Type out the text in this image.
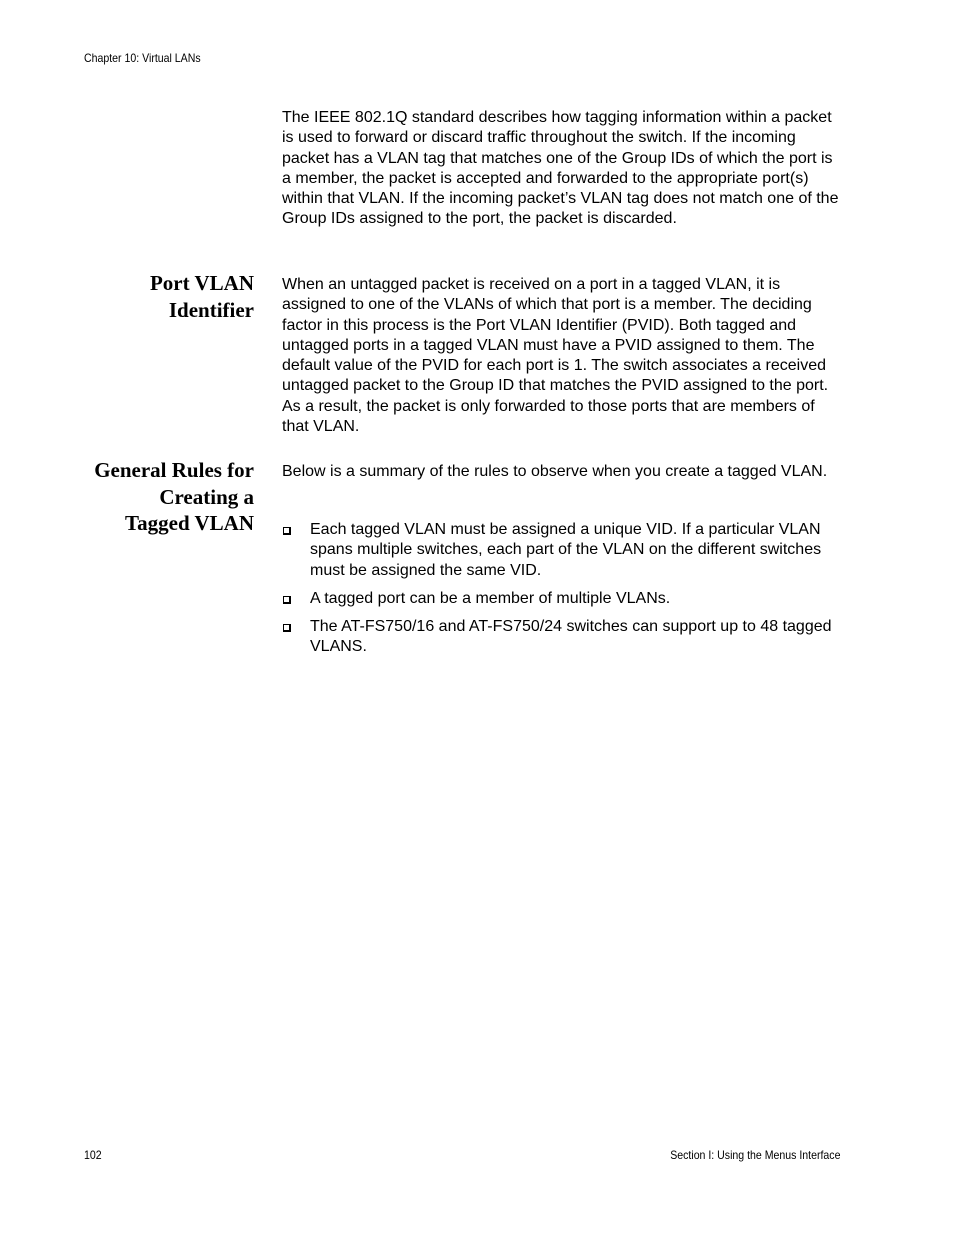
Chapter 10: Virtual LANs

The IEEE 802.1Q standard describes how tagging information within a packet is used to forward or discard traffic throughout the switch. If the incoming packet has a VLAN tag that matches one of the Group IDs of which the port is a member, the packet is accepted and forwarded to the appropriate port(s) within that VLAN. If the incoming packet’s VLAN tag does not match one of the Group IDs assigned to the port, the packet is discarded.

Port VLAN
Identifier

When an untagged packet is received on a port in a tagged VLAN, it is assigned to one of the VLANs of which that port is a member. The deciding factor in this process is the Port VLAN Identifier (PVID). Both tagged and untagged ports in a tagged VLAN must have a PVID assigned to them. The default value of the PVID for each port is 1. The switch associates a received untagged packet to the Group ID that matches the PVID assigned to the port. As a result, the packet is only forwarded to those ports that are members of that VLAN.

General Rules for
Creating a
Tagged VLAN

Below is a summary of the rules to observe when you create a tagged VLAN.

Each tagged VLAN must be assigned a unique VID. If a particular VLAN spans multiple switches, each part of the VLAN on the different switches must be assigned the same VID.
A tagged port can be a member of multiple VLANs.
The AT-FS750/16 and AT-FS750/24 switches can support up to 48 tagged VLANS.
102	Section I: Using the Menus Interface
